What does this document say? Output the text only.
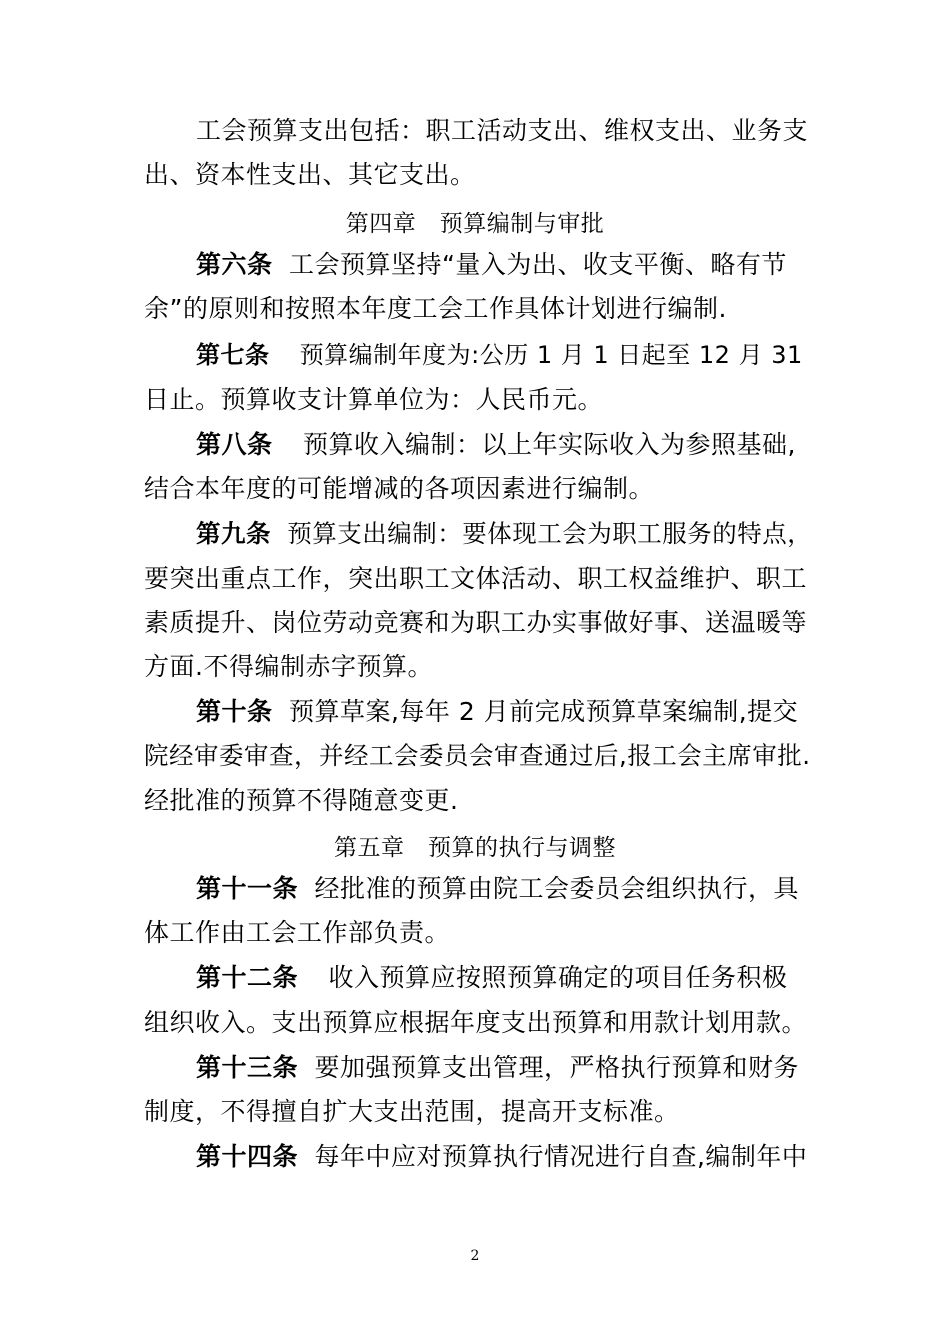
工会预算支出包括：职工活动支出、维权支出、业务支
出、资本性支出、其它支出。
第四章　预算编制与审批
第六条 工会预算坚持“量入为出、收支平衡、略有节
余”的原则和按照本年度工会工作具体计划进行编制.
第七条 预算编制年度为:公历 1 月 1 日起至 12 月 31
日止。预算收支计算单位为：人民币元。
第八条 预算收入编制：以上年实际收入为参照基础,
结合本年度的可能增减的各项因素进行编制。
第九条 预算支出编制：要体现工会为职工服务的特点，
要突出重点工作，突出职工文体活动、职工权益维护、职工
素质提升、岗位劳动竞赛和为职工办实事做好事、送温暖等
方面.不得编制赤字预算。
第十条 预算草案,每年 2 月前完成预算草案编制,提交
院经审委审查，并经工会委员会审查通过后,报工会主席审批.
经批准的预算不得随意变更.
第五章　预算的执行与调整
第十一条 经批准的预算由院工会委员会组织执行，具
体工作由工会工作部负责。
第十二条 收入预算应按照预算确定的项目任务积极
组织收入。支出预算应根据年度支出预算和用款计划用款。
第十三条 要加强预算支出管理，严格执行预算和财务
制度，不得擅自扩大支出范围，提高开支标准。
第十四条 每年中应对预算执行情况进行自查,编制年中
2
